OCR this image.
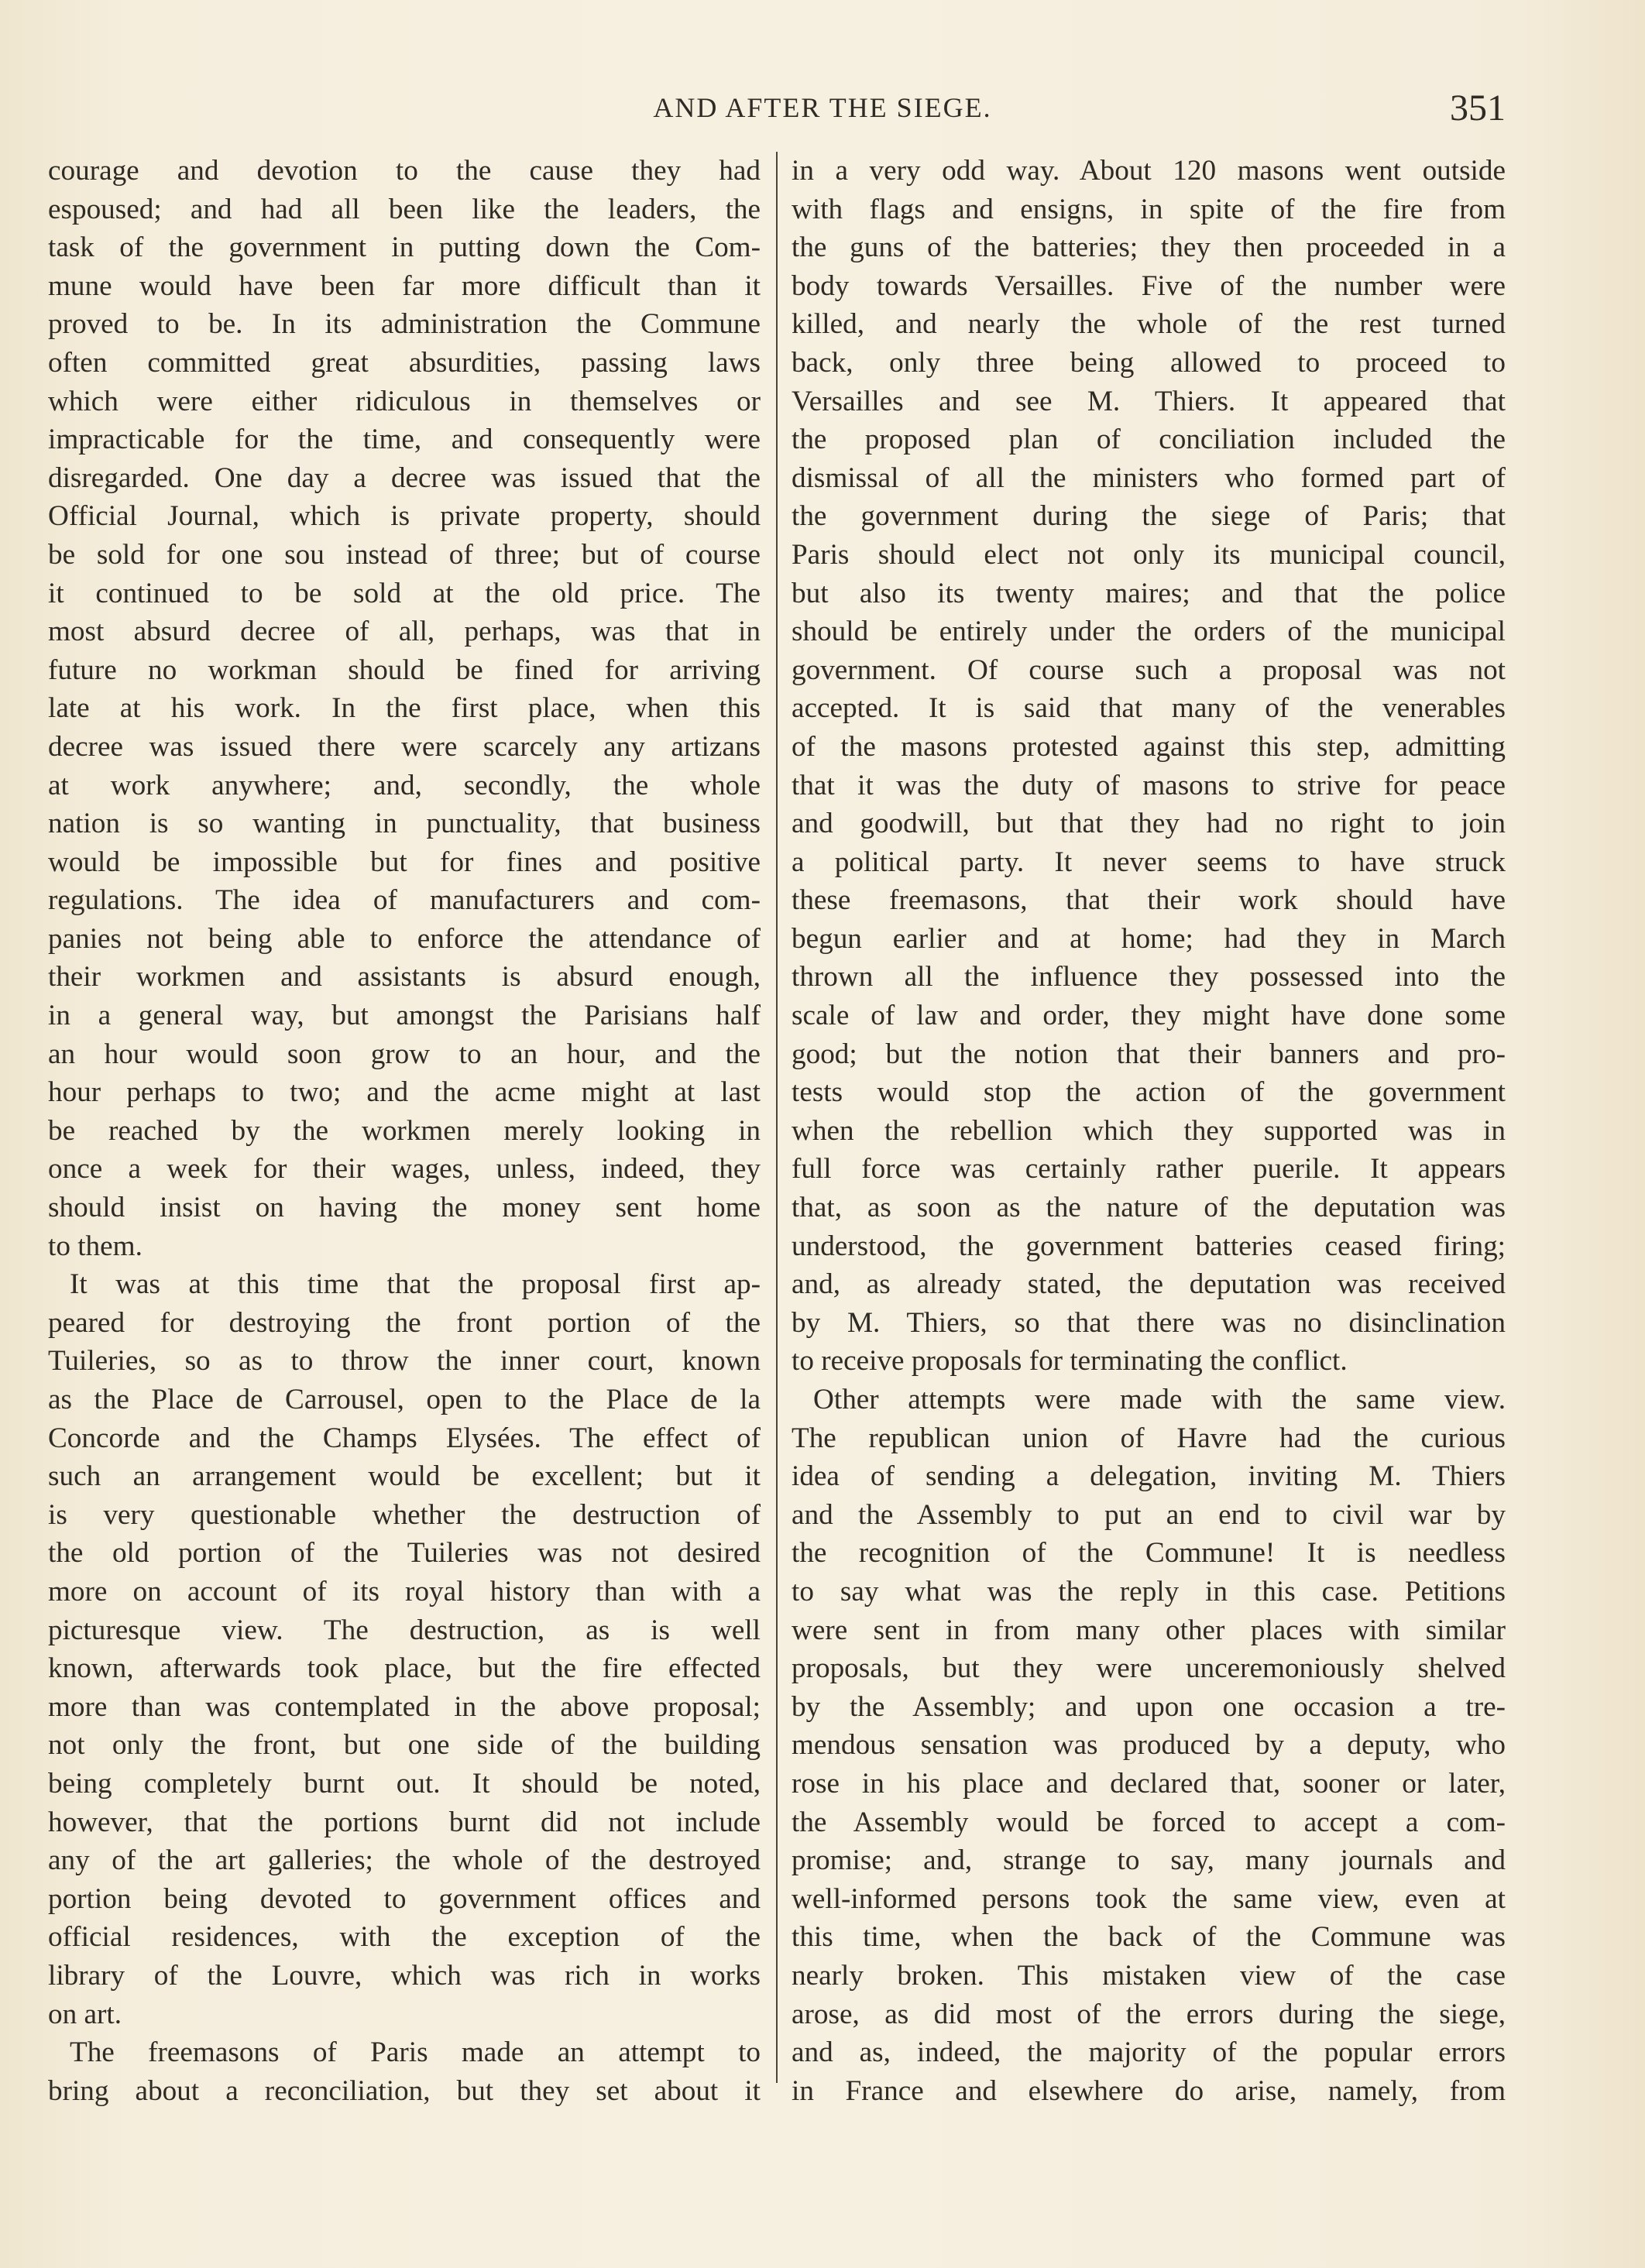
AND AFTER THE SIEGE.	351
courage and devotion to the cause they had
espoused; and had all been like the leaders, the
task of the government in putting down the Com-
mune would have been far more difficult than it
proved to be. In its administration the Commune
often committed great absurdities, passing laws
which were either ridiculous in themselves or
impracticable for the time, and consequently were
disregarded. One day a decree was issued that the
Official Journal, which is private property, should
be sold for one sou instead of three; but of course
it continued to be sold at the old price. The
most absurd decree of all, perhaps, was that in
future no workman should be fined for arriving
late at his work. In the first place, when this
decree was issued there were scarcely any artizans
at work anywhere; and, secondly, the whole
nation is so wanting in punctuality, that business
would be impossible but for fines and positive
regulations. The idea of manufacturers and com-
panies not being able to enforce the attendance of
their workmen and assistants is absurd enough,
in a general way, but amongst the Parisians half
an hour would soon grow to an hour, and the
hour perhaps to two; and the acme might at last
be reached by the workmen merely looking in
once a week for their wages, unless, indeed, they
should insist on having the money sent home
to them.
It was at this time that the proposal first ap-
peared for destroying the front portion of the
Tuileries, so as to throw the inner court, known
as the Place de Carrousel, open to the Place de la
Concorde and the Champs Elysées. The effect of
such an arrangement would be excellent; but it
is very questionable whether the destruction of
the old portion of the Tuileries was not desired
more on account of its royal history than with a
picturesque view. The destruction, as is well
known, afterwards took place, but the fire effected
more than was contemplated in the above proposal;
not only the front, but one side of the building
being completely burnt out. It should be noted,
however, that the portions burnt did not include
any of the art galleries; the whole of the destroyed
portion being devoted to government offices and
official residences, with the exception of the
library of the Louvre, which was rich in works
on art.
The freemasons of Paris made an attempt to
bring about a reconciliation, but they set about it
in a very odd way. About 120 masons went outside
with flags and ensigns, in spite of the fire from
the guns of the batteries; they then proceeded in a
body towards Versailles. Five of the number were
killed, and nearly the whole of the rest turned
back, only three being allowed to proceed to
Versailles and see M. Thiers. It appeared that
the proposed plan of conciliation included the
dismissal of all the ministers who formed part of
the government during the siege of Paris; that
Paris should elect not only its municipal council,
but also its twenty maires; and that the police
should be entirely under the orders of the municipal
government. Of course such a proposal was not
accepted. It is said that many of the venerables
of the masons protested against this step, admitting
that it was the duty of masons to strive for peace
and goodwill, but that they had no right to join
a political party. It never seems to have struck
these freemasons, that their work should have
begun earlier and at home; had they in March
thrown all the influence they possessed into the
scale of law and order, they might have done some
good; but the notion that their banners and pro-
tests would stop the action of the government
when the rebellion which they supported was in
full force was certainly rather puerile. It appears
that, as soon as the nature of the deputation was
understood, the government batteries ceased firing;
and, as already stated, the deputation was received
by M. Thiers, so that there was no disinclination
to receive proposals for terminating the conflict.
Other attempts were made with the same view.
The republican union of Havre had the curious
idea of sending a delegation, inviting M. Thiers
and the Assembly to put an end to civil war by
the recognition of the Commune! It is needless
to say what was the reply in this case. Petitions
were sent in from many other places with similar
proposals, but they were unceremoniously shelved
by the Assembly; and upon one occasion a tre-
mendous sensation was produced by a deputy, who
rose in his place and declared that, sooner or later,
the Assembly would be forced to accept a com-
promise; and, strange to say, many journals and
well-informed persons took the same view, even at
this time, when the back of the Commune was
nearly broken. This mistaken view of the case
arose, as did most of the errors during the siege,
and as, indeed, the majority of the popular errors
in France and elsewhere do arise, namely, from
